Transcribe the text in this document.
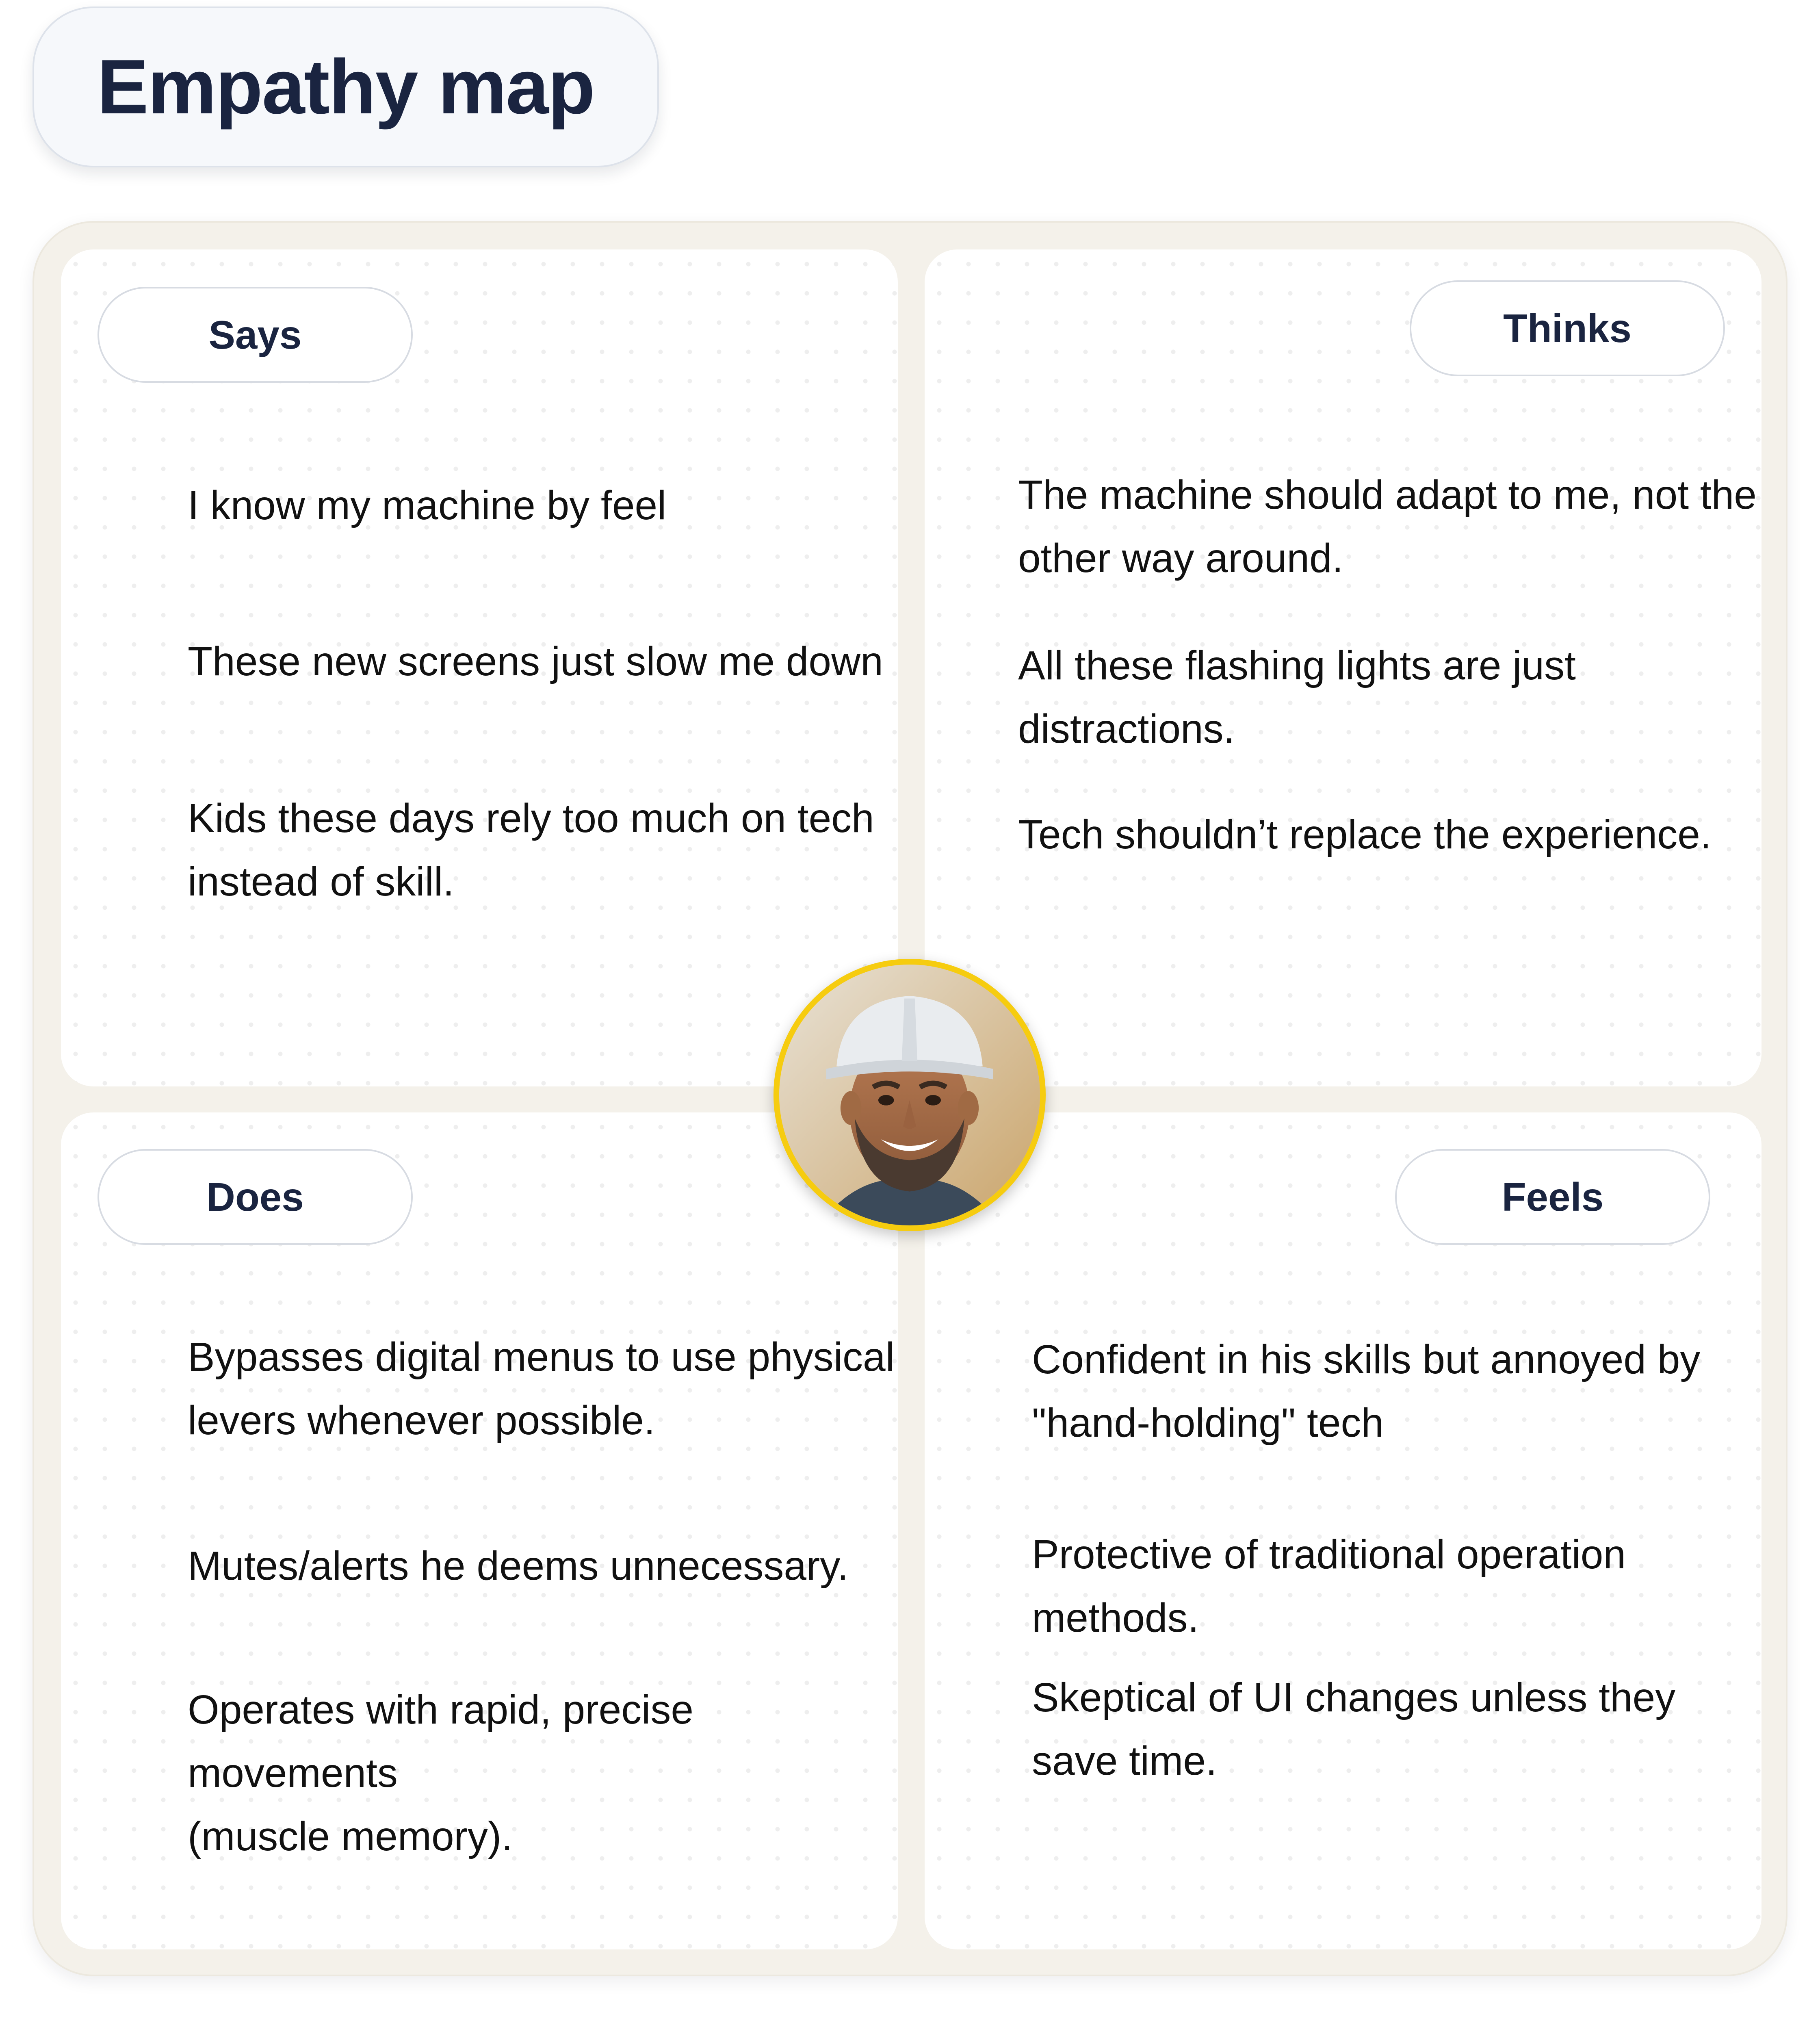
Empathy map
Says
I know my machine by feel
These new screens just slow me down
Kids these days rely too much on tech
instead of skill.
Thinks
The machine should adapt to me, not the
other way around.
All these flashing lights are just
distractions.
Tech shouldn’t replace the experience.
Does
Bypasses digital menus to use physical
levers whenever possible.
Mutes/alerts he deems unnecessary.
Operates with rapid, precise movements
(muscle memory).
Feels
Confident in his skills but annoyed by
"hand-holding" tech
Protective of traditional operation methods.
Skeptical of UI changes unless they
save time.
